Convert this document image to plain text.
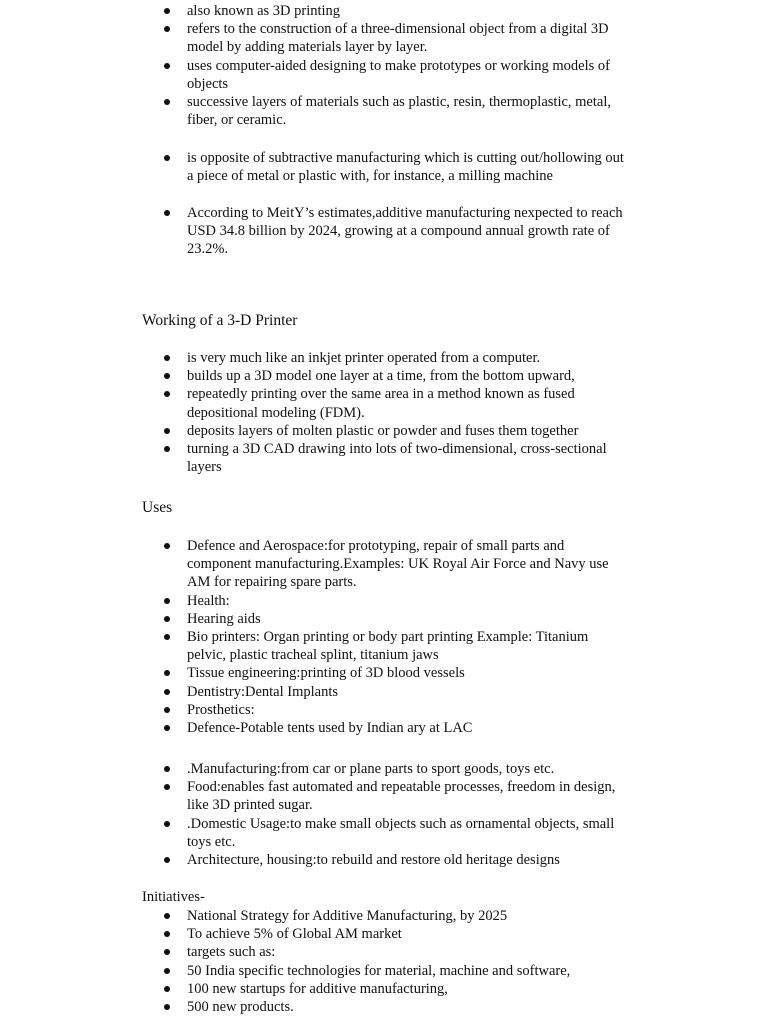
also known as 3D printing
refers to the construction of a three-dimensional object from a digital 3D model by adding materials layer by layer.
uses computer-aided designing to make prototypes or working models of objects
successive layers of materials such as plastic, resin, thermoplastic, metal, fiber, or ceramic.
is opposite of subtractive manufacturing which is cutting out/hollowing out a piece of metal or plastic with, for instance, a milling machine
According to MeitY’s estimates,additive manufacturing nexpected to reach USD 34.8 billion by 2024, growing at a compound annual growth rate of 23.2%.
Working of a 3-D Printer
is very much like an inkjet printer operated from a computer.
builds up a 3D model one layer at a time, from the bottom upward,
repeatedly printing over the same area in a method known as fused depositional modeling (FDM).
deposits layers of molten plastic or powder and fuses them together
turning a 3D CAD drawing into lots of two-dimensional, cross-sectional layers
Uses
Defence and Aerospace:for prototyping, repair of small parts and component manufacturing.Examples: UK Royal Air Force and Navy use AM for repairing spare parts.
Health:
Hearing aids
Bio printers: Organ printing or body part printing Example: Titanium pelvic, plastic tracheal splint, titanium jaws
Tissue engineering:printing of 3D blood vessels
Dentistry:Dental Implants
Prosthetics:
Defence-Potable tents used by Indian ary at LAC
.Manufacturing:from car or plane parts to sport goods, toys etc.
Food:enables fast automated and repeatable processes, freedom in design, like 3D printed sugar.
.Domestic Usage:to make small objects such as ornamental objects, small toys etc.
Architecture, housing:to rebuild and restore old heritage designs
Initiatives-
National Strategy for Additive Manufacturing, by 2025
To achieve 5% of Global AM market
targets such as:
50 India specific technologies for material, machine and software,
100 new startups for additive manufacturing,
500 new products.
